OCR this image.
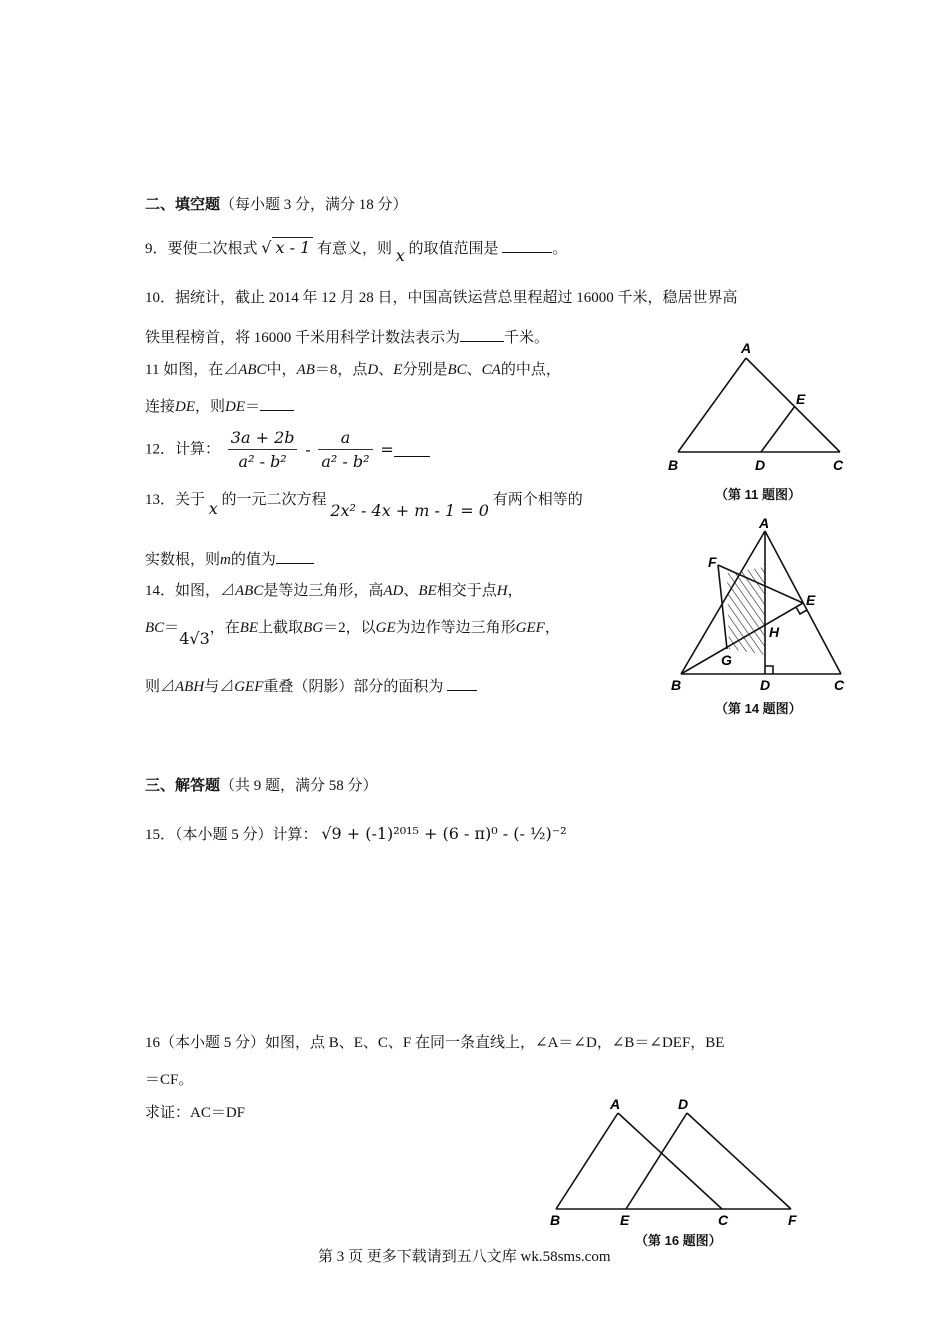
二、填空题（每小题 3 分，满分 18 分）
9．要使二次根式 √ x - 1 有意义，则 x 的取值范围是	。
10．据统计，截止 2014 年 12 月 28 日，中国高铁运营总里程超过 16000 千米，稳居世界高
铁里程榜首，将 16000 千米用科学计数法表示为	千米。
11 如图，在⊿ABC中，AB＝8，点D、E分别是BC、CA的中点，
连接DE，则DE＝
12．计算： $\frac{3a + 2b}{\text{a² - b²}} - \frac{a}{\text{a² - b²}}$ =
13．关于 x 的一元二次方程 2x² - 4x + m - 1 = 0 有两个相等的
实数根，则m的值为
14．如图，⊿ABC是等边三角形，高AD、BE相交于点H，
BC＝4√3，在BE上截取BG＝2，以GE为边作等边三角形GEF，
则⊿ABH与⊿GEF重叠（阴影）部分的面积为
三、解答题（共 9 题，满分 58 分）
15．（本小题 5 分）计算： √9 + (-1)²⁰¹⁵ + (6 - π)⁰ - (- ½)⁻²
16（本小题 5 分）如图，点 B、E、C、F 在同一条直线上，∠A＝∠D，∠B＝∠DEF，BE
＝CF。
求证：AC＝DF
A
E
B	D	C
（第 11 题图）
A
F
E
H
G
B	D	C
（第 14 题图）
A	D
B	E	C	F
（第 16 题图）
第 3 页 更多下载请到五八文库 wk.58sms.com
